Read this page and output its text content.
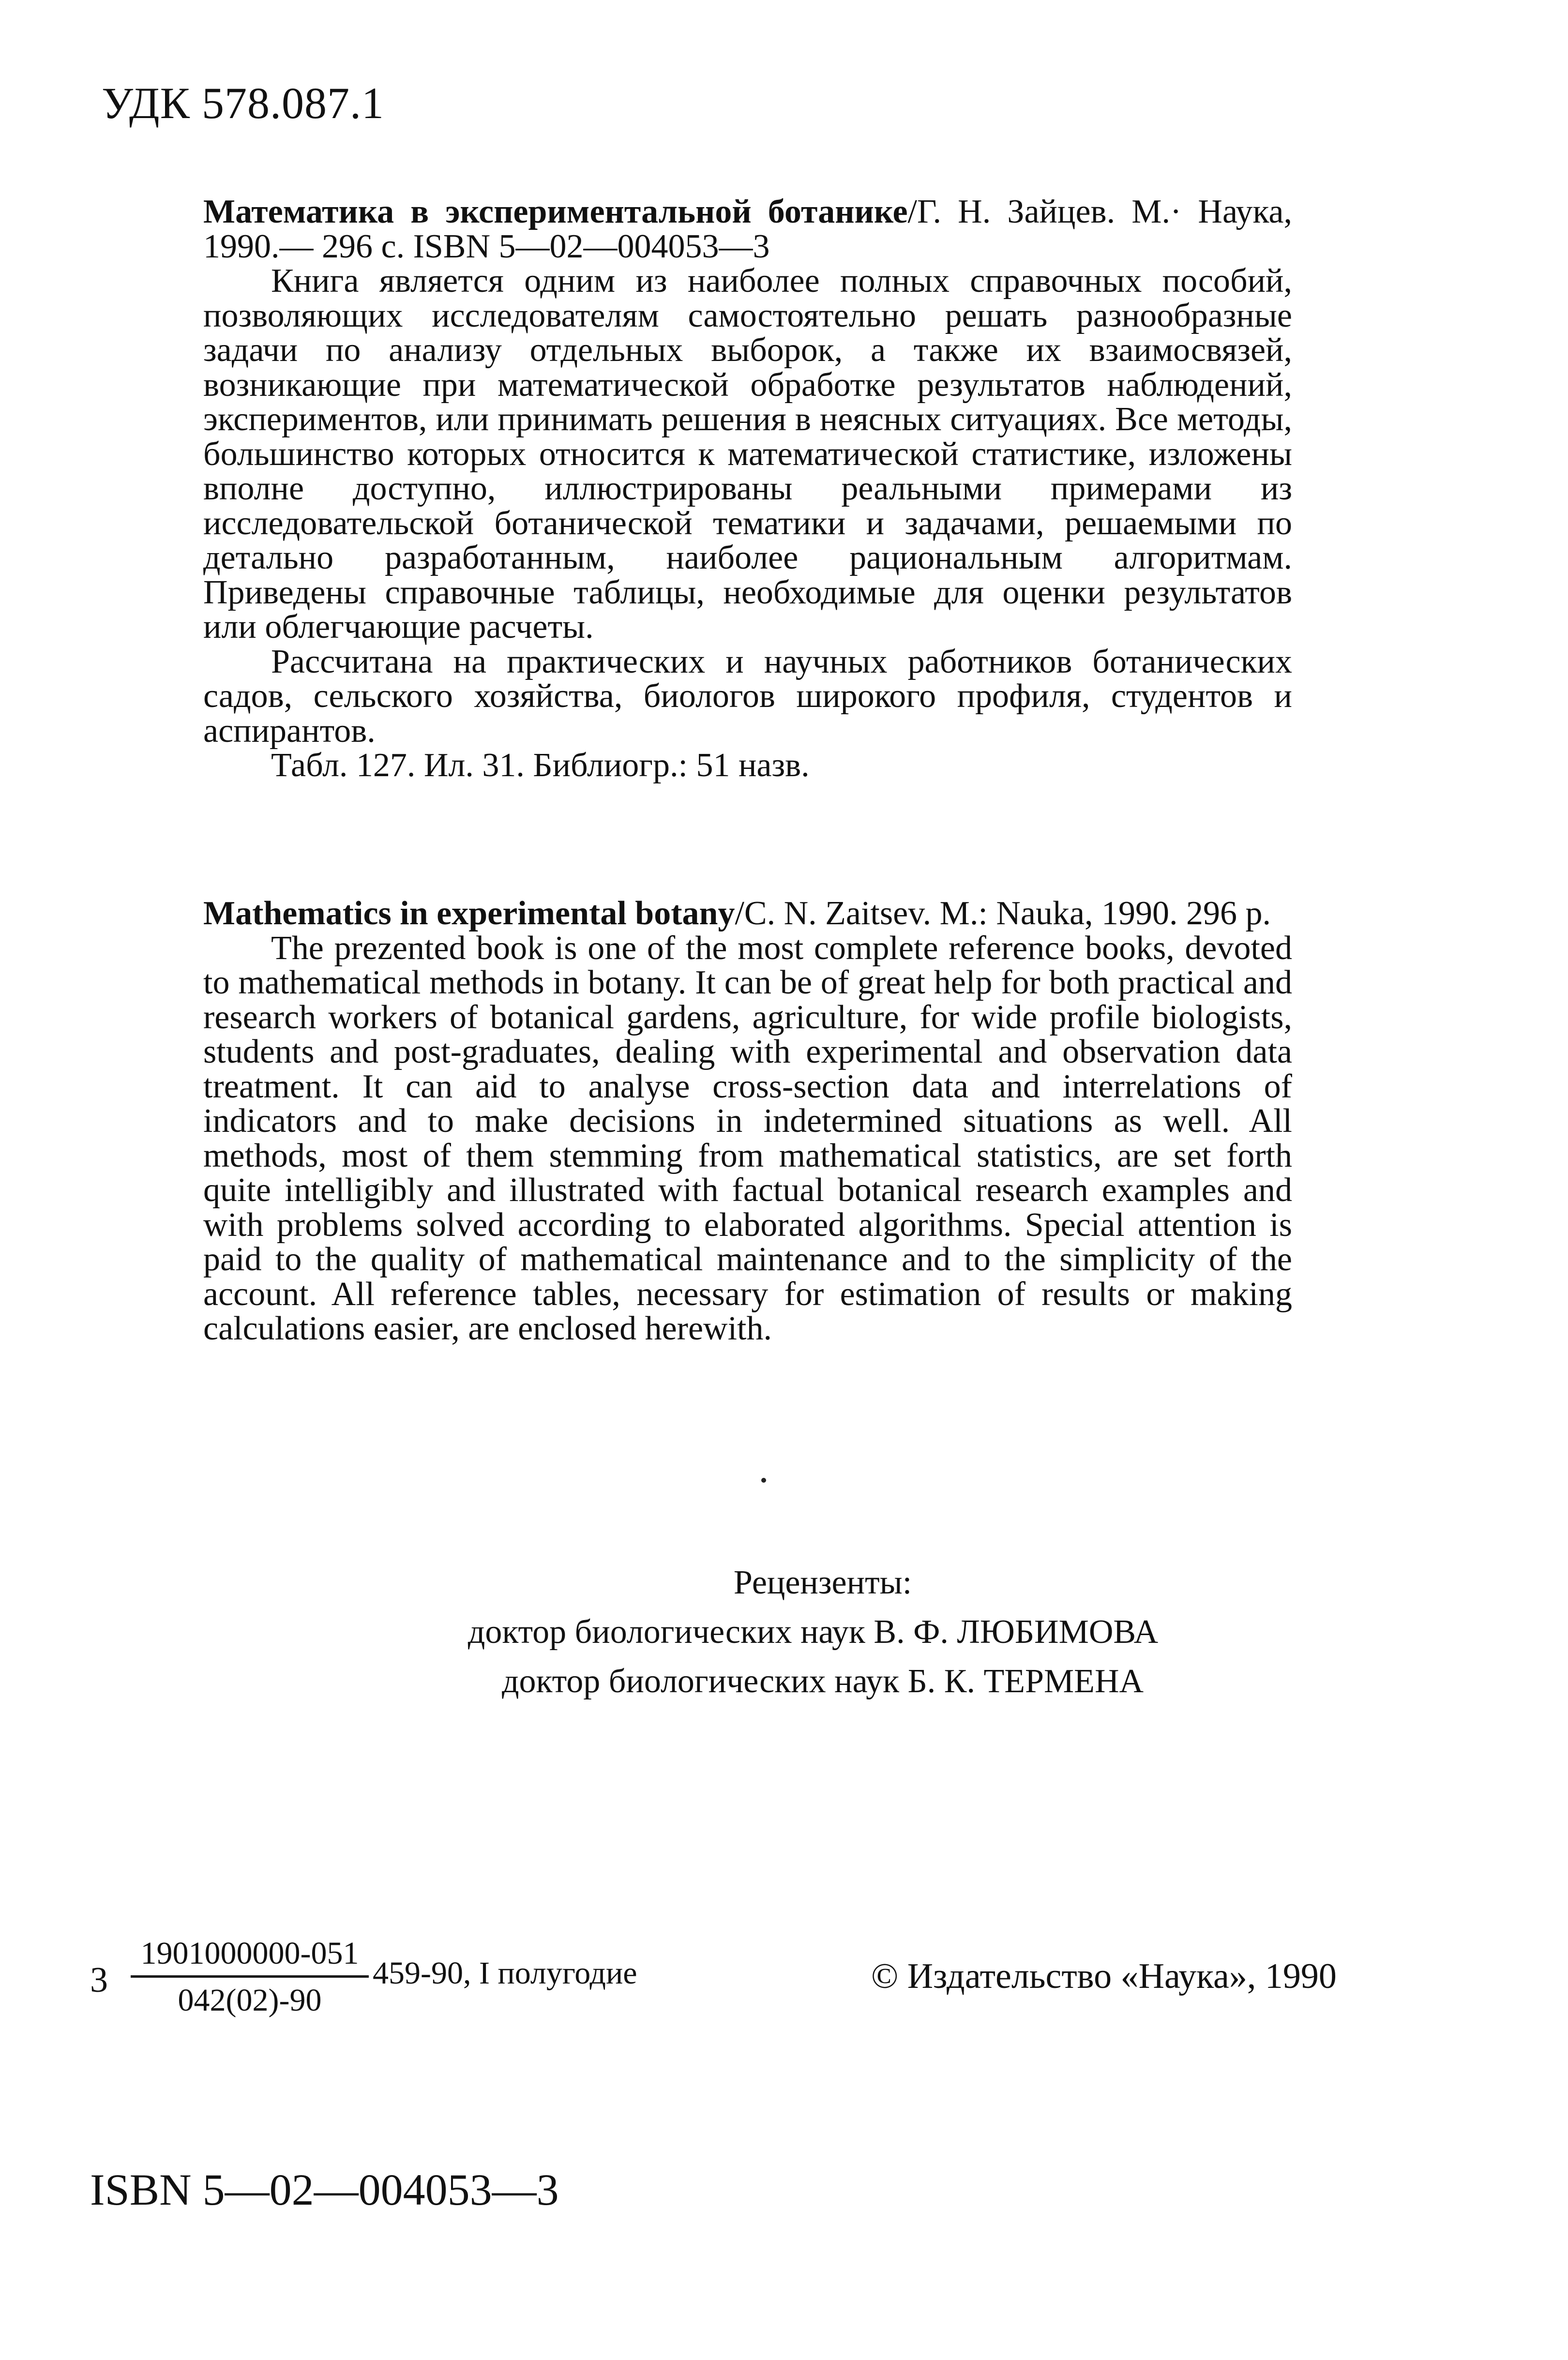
УДК 578.087.1

Математика в экспериментальной ботанике/Г. Н. Зайцев. М.· Наука, 1990.— 296 с. ISBN 5—02—004053—3

Книга является одним из наиболее полных справочных пособий, позволяющих исследователям самостоятельно решать разнообразные задачи по анализу отдельных выборок, а также их взаимосвязей, возникающие при математической обработке результатов наблюдений, экспериментов, или принимать решения в неясных ситуациях. Все методы, большинство которых относится к математической статистике, изложены вполне доступно, иллюстрированы реальными примерами из исследовательской ботанической тематики и задачами, решаемыми по детально разработанным, наиболее рациональным алгоритмам. Приведены справочные таблицы, необходимые для оценки результатов или облегчающие расчеты.

Рассчитана на практических и научных работников ботанических садов, сельского хозяйства, биологов широкого профиля, студентов и аспирантов.

Табл. 127. Ил. 31. Библиогр.: 51 назв.

Mathematics in experimental botany/C. N. Zaitsev. M.: Nauka, 1990. 296 p.

The prezented book is one of the most complete reference books, devoted to mathematical methods in botany. It can be of great help for both practical and research workers of botanical gardens, agriculture, for wide profile biologists, students and post-graduates, dealing with experimental and observation data treatment. It can aid to analyse cross-section data and interrelations of indicators and to make decisions in indetermined situations as well. All methods, most of them stemming from mathematical statistics, are set forth quite intelligibly and illustrated with factual botanical research examples and with problems solved according to elaborated algorithms. Special attention is paid to the quality of mathematical maintenance and to the simplicity of the account. All reference tables, necessary for estimation of results or making calculations easier, are enclosed herewith.

Рецензенты:
доктор биологических наук В. Ф. ЛЮБИМОВА
доктор биологических наук Б. К. ТЕРМЕНА
3
1901000000-051
042(02)-90
459-90, I полугодие	© Издательство «Наука», 1990
ISBN 5—02—004053—3
